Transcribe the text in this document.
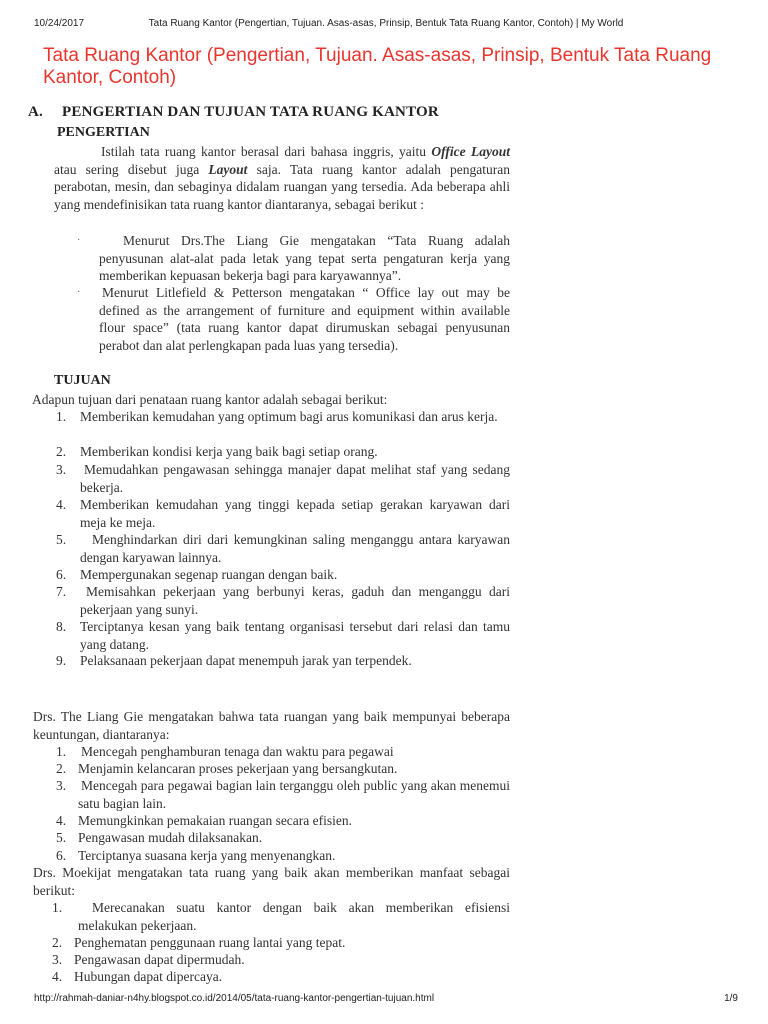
10/24/2017	Tata Ruang Kantor (Pengertian, Tujuan. Asas-asas, Prinsip, Bentuk Tata Ruang Kantor, Contoh) | My World
Tata Ruang Kantor (Pengertian, Tujuan. Asas-asas, Prinsip, Bentuk Tata Ruang Kantor, Contoh)
A. PENGERTIAN DAN TUJUAN TATA RUANG KANTOR
PENGERTIAN

Istilah tata ruang kantor berasal dari bahasa inggris, yaitu Office Layout atau sering disebut juga Layout saja. Tata ruang kantor adalah pengaturan perabotan, mesin, dan sebaginya didalam ruangan yang tersedia. Ada beberapa ahli yang mendefinisikan tata ruang kantor diantaranya, sebagai berikut :

·	Menurut Drs.The Liang Gie mengatakan “Tata Ruang adalah penyusunan alat-alat pada letak yang tepat serta pengaturan kerja yang memberikan kepuasan bekerja bagi para karyawannya”.

· Menurut Litlefield & Petterson mengatakan “ Office lay out may be defined as the arrangement of furniture and equipment within available flour space” (tata ruang kantor dapat dirumuskan sebagai penyusunan perabot dan alat perlengkapan pada luas yang tersedia).

TUJUAN

Adapun tujuan dari penataan ruang kantor adalah sebagai berikut:

1. Memberikan kemudahan yang optimum bagi arus komunikasi dan arus kerja.

2. Memberikan kondisi kerja yang baik bagi setiap orang.

3. Memudahkan pengawasan sehingga manajer dapat melihat staf yang sedang bekerja.

4. Memberikan kemudahan yang tinggi kepada setiap gerakan karyawan dari meja ke meja.

5.	Menghindarkan diri dari kemungkinan saling menganggu antara karyawan dengan karyawan lainnya.

6. Mempergunakan segenap ruangan dengan baik.

7.	Memisahkan pekerjaan yang berbunyi keras, gaduh dan menganggu dari pekerjaan yang sunyi.

8. Terciptanya kesan yang baik tentang organisasi tersebut dari relasi dan tamu yang datang.

9. Pelaksanaan pekerjaan dapat menempuh jarak yan terpendek.

Drs. The Liang Gie mengatakan bahwa tata ruangan yang baik mempunyai beberapa keuntungan, diantaranya:

1. Mencegah penghamburan tenaga dan waktu para pegawai

2. Menjamin kelancaran proses pekerjaan yang bersangkutan.

3. Mencegah para pegawai bagian lain terganggu oleh public yang akan menemui satu bagian lain.

4. Memungkinkan pemakaian ruangan secara efisien.

5. Pengawasan mudah dilaksanakan.

6. Terciptanya suasana kerja yang menyenangkan.

Drs. Moekijat mengatakan tata ruang yang baik akan memberikan manfaat sebagai berikut:

1.	Merecanakan suatu kantor dengan baik akan memberikan efisiensi melakukan pekerjaan.

2. Penghematan penggunaan ruang lantai yang tepat.

3. Pengawasan dapat dipermudah.

4. Hubungan dapat dipercaya.

http://rahmah-daniar-n4hy.blogspot.co.id/2014/05/tata-ruang-kantor-pengertian-tujuan.html	1/9
